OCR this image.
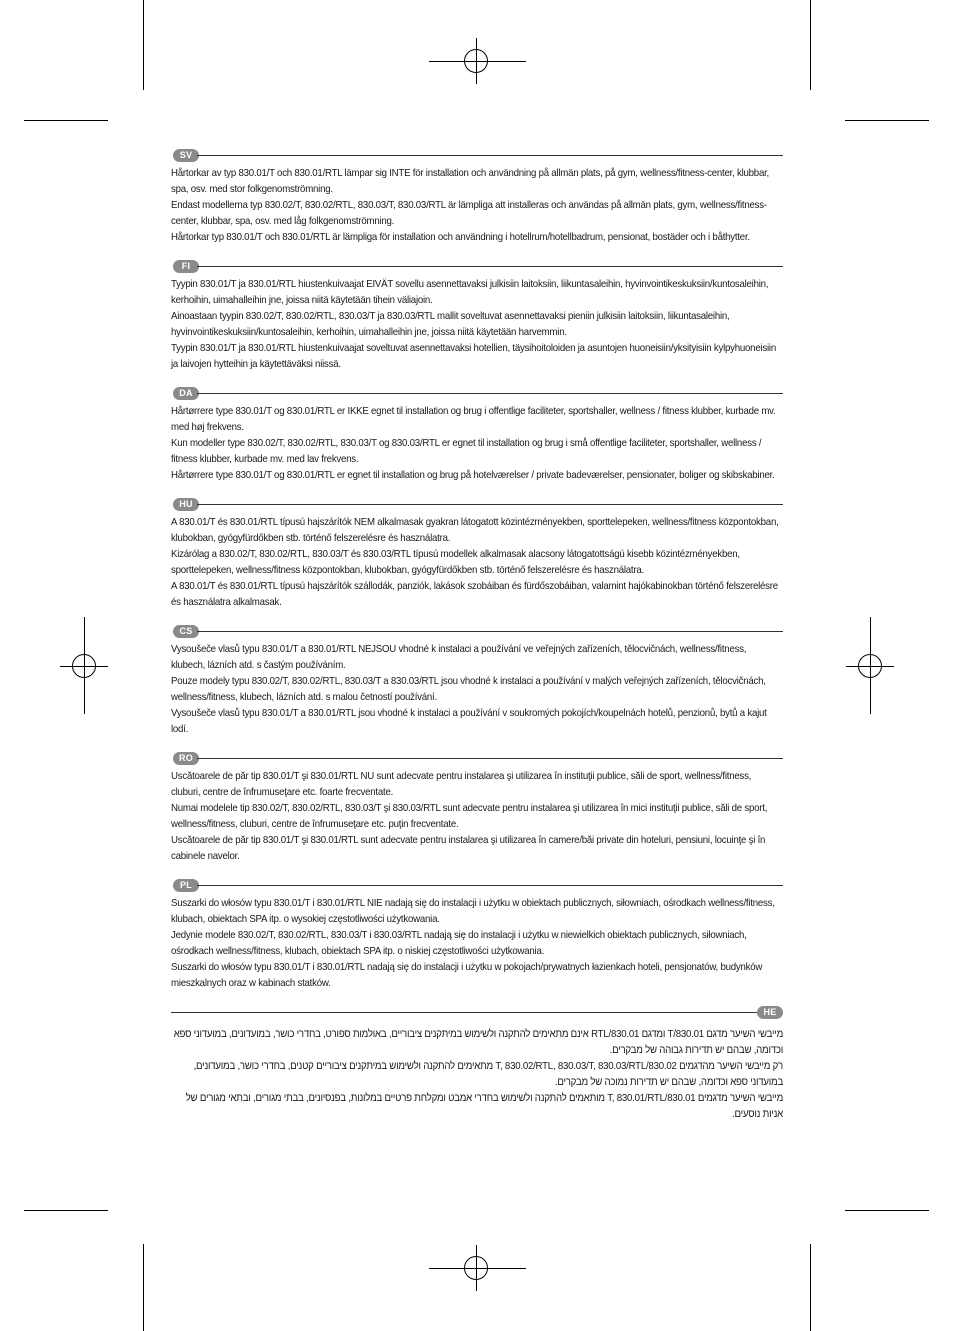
SV

Hårtorkar av typ 830.01/T och 830.01/RTL lämpar sig INTE för installation och användning på allmän plats, på gym, wellness/fitness-center, klubbar, spa, osv. med stor folkgenomströmning.

Endast modellerna typ 830.02/T, 830.02/RTL, 830.03/T, 830.03/RTL är lämpliga att installeras och användas på allmän plats, gym, wellness/fitness-center, klubbar, spa, osv. med låg folkgenomströmning.

Hårtorkar typ 830.01/T och 830.01/RTL är lämpliga för installation och användning i hotellrum/hotellbadrum, pensionat, bostäder och i båthytter.

FI

Tyypin 830.01/T ja 830.01/RTL hiustenkuivaajat EIVÄT sovellu asennettavaksi julkisiin laitoksiin, liikuntasaleihin, hyvinvointikeskuksiin/kuntosaleihin, kerhoihin, uimahalleihin jne, joissa niitä käytetään tihein väliajoin.

Ainoastaan tyypin 830.02/T, 830.02/RTL, 830.03/T ja 830.03/RTL mallit soveltuvat asennettavaksi pieniin julkisiin laitoksiin, liikuntasaleihin, hyvinvointikeskuksiin/kuntosaleihin, kerhoihin, uimahalleihin jne, joissa niitä käytetään harvemmin.

Tyypin 830.01/T ja 830.01/RTL hiustenkuivaajat soveltuvat asennettavaksi hotellien, täysihoitoloiden ja asuntojen huoneisiin/yksityisiin kylpyhuoneisiin ja laivojen hytteihin ja käytettäväksi niissä.

DA

Hårtørrere type 830.01/T og 830.01/RTL er IKKE egnet til installation og brug i offentlige faciliteter, sportshaller, wellness / fitness klubber, kurbade mv. med høj frekvens.

Kun modeller type 830.02/T, 830.02/RTL, 830.03/T og 830.03/RTL er egnet til installation og brug i små offentlige faciliteter, sportshaller, wellness / fitness klubber, kurbade mv. med lav frekvens.

Hårtørrere type 830.01/T og 830.01/RTL er egnet til installation og brug på hotelværelser / private badeværelser, pensionater, boliger og skibskabiner.

HU

A 830.01/T és 830.01/RTL típusú hajszárítók NEM alkalmasak gyakran látogatott közintézményekben, sporttelepeken, wellness/fitness központokban, klubokban, gyógyfürdőkben stb. történő felszerelésre és használatra.

Kizárólag a 830.02/T, 830.02/RTL, 830.03/T és 830.03/RTL típusú modellek alkalmasak alacsony látogatottságú kisebb közintézményekben, sporttelepeken, wellness/fitness központokban, klubokban, gyógyfürdőkben stb. történő felszerelésre és használatra.

A 830.01/T és 830.01/RTL típusú hajszárítók szállodák, panziók, lakások szobáiban és fürdőszobáiban, valamint hajókabinokban történő felszerelésre és használatra alkalmasak.

CS

Vysoušeče vlasů typu 830.01/T a 830.01/RTL NEJSOU vhodné k instalaci a používání ve veřejných zařízeních, tělocvičnách, wellness/fitness, klubech, lázních atd. s častým používáním.

Pouze modely typu 830.02/T, 830.02/RTL, 830.03/T a 830.03/RTL jsou vhodné k instalaci a používání v malých veřejných zařízeních, tělocvičnách, wellness/fitness, klubech, lázních atd. s malou četností používání.

Vysoušeče vlasů typu 830.01/T a 830.01/RTL jsou vhodné k instalaci a používání v soukromých pokojích/koupelnách hotelů, penzionů, bytů a kajut lodí.

RO

Uscătoarele de păr tip 830.01/T şi 830.01/RTL NU sunt adecvate pentru instalarea şi utilizarea în instituţii publice, săli de sport, wellness/fitness, cluburi, centre de înfrumuseţare etc. foarte frecventate.

Numai modelele tip 830.02/T, 830.02/RTL, 830.03/T şi 830.03/RTL sunt adecvate pentru instalarea şi utilizarea în mici instituţii publice, săli de sport, wellness/fitness, cluburi, centre de înfrumuseţare etc. puţin frecventate.

Uscătoarele de păr tip 830.01/T şi 830.01/RTL sunt adecvate pentru instalarea şi utilizarea în camere/băi private din hoteluri, pensiuni, locuinţe şi în cabinele navelor.

PL

Suszarki do włosów typu 830.01/T i 830.01/RTL NIE nadają się do instalacji i użytku w obiektach publicznych, siłowniach, ośrodkach wellness/fitness, klubach, obiektach SPA itp. o wysokiej częstotliwości użytkowania.

Jedynie modele 830.02/T, 830.02/RTL, 830.03/T i 830.03/RTL nadają się do instalacji i użytku w niewielkich obiektach publicznych, siłowniach, ośrodkach wellness/fitness, klubach, obiektach SPA itp. o niskiej częstotliwości użytkowania.

Suszarki do włosów typu 830.01/T i 830.01/RTL nadają się do instalacji i użytku w pokojach/prywatnych łazienkach hoteli, pensjonatów, budynków mieszkalnych oraz w kabinach statków.

HE

מייבשי השיער מדגם 830.01/T ומדגם 830.01/RTL אינם מתאימים להתקנה ולשימוש במיתקנים ציבוריים, באולמות ספורט, בחדרי כושר, במועדונים, במועדוני ספא וכדומה, שבהם יש תדירות גבוהה של מבקרים.

רק מייבשי השיער מהדגמים 830.02/T, 830.02/RTL, 830.03/T, 830.03/RTL מתאימים להתקנה ולשימוש במיתקנים ציבוריים קטנים, בחדרי כושר, במועדונים, במועדוני ספא וכדומה, שבהם יש תדירות נמוכה של מבקרים.

מייבשי השיער מדגמים 830.01/T, 830.01/RTL מותאמים להתקנה ולשימוש בחדרי אמבט ומקלחת פרטיים במלונות, בפנסיונים, בבתי מגורים, ובתאי מגורים של אניות נוסעים.
